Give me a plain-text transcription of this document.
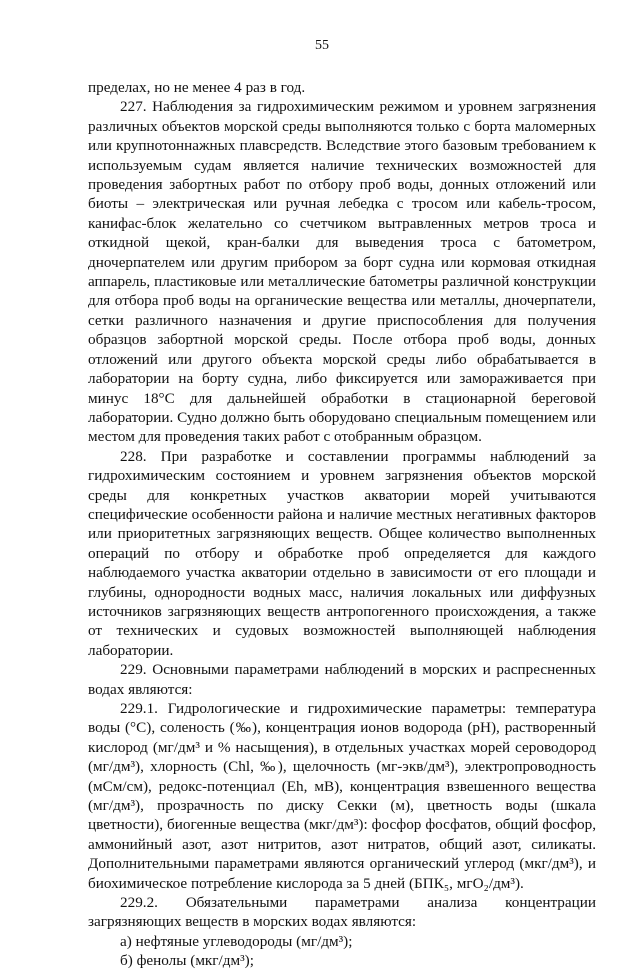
55

пределах, но не менее 4 раз в год.

227. Наблюдения за гидрохимическим режимом и уровнем загрязнения различных объектов морской среды выполняются только с борта маломерных или крупнотоннажных плавсредств. Вследствие этого базовым требованием к используемым судам является наличие технических возможностей для проведения забортных работ по отбору проб воды, донных отложений или биоты – электрическая или ручная лебедка с тросом или кабель-тросом, канифас-блок желательно со счетчиком вытравленных метров троса и откидной щекой, кран-балки для выведения троса с батометром, дночерпателем или другим прибором за борт судна или кормовая откидная аппарель, пластиковые или металлические батометры различной конструкции для отбора проб воды на органические вещества или металлы, дночерпатели, сетки различного назначения и другие приспособления для получения образцов забортной морской среды. После отбора проб воды, донных отложений или другого объекта морской среды либо обрабатывается в лаборатории на борту судна, либо фиксируется или замораживается при минус 18°С для дальнейшей обработки в стационарной береговой лаборатории. Судно должно быть оборудовано специальным помещением или местом для проведения таких работ с отобранным образцом.

228. При разработке и составлении программы наблюдений за гидрохимическим состоянием и уровнем загрязнения объектов морской среды для конкретных участков акватории морей учитываются специфические особенности района и наличие местных негативных факторов или приоритетных загрязняющих веществ. Общее количество выполненных операций по отбору и обработке проб определяется для каждого наблюдаемого участка акватории отдельно в зависимости от его площади и глубины, однородности водных масс, наличия локальных или диффузных источников загрязняющих веществ антропогенного происхождения, а также от технических и судовых возможностей выполняющей наблюдения лаборатории.

229. Основными параметрами наблюдений в морских и распресненных водах являются:

229.1. Гидрологические и гидрохимические параметры: температура воды (°С), соленость (‰), концентрация ионов водорода (pH), растворенный кислород (мг/дм³ и % насыщения), в отдельных участках морей сероводород (мг/дм³), хлорность (Chl, ‰), щелочность (мг-экв/дм³), электропроводность (мСм/см), редокс-потенциал (Eh, мВ), концентрация взвешенного вещества (мг/дм³), прозрачность по диску Секки (м), цветность воды (шкала цветности), биогенные вещества (мкг/дм³): фосфор фосфатов, общий фосфор, аммонийный азот, азот нитритов, азот нитратов, общий азот, силикаты. Дополнительными параметрами являются органический углерод (мкг/дм³), и биохимическое потребление кислорода за 5 дней (БПК₅, мгO₂/дм³).

229.2. Обязательными параметрами анализа концентрации загрязняющих веществ в морских водах являются:

а) нефтяные углеводороды (мг/дм³);

б) фенолы (мкг/дм³);
